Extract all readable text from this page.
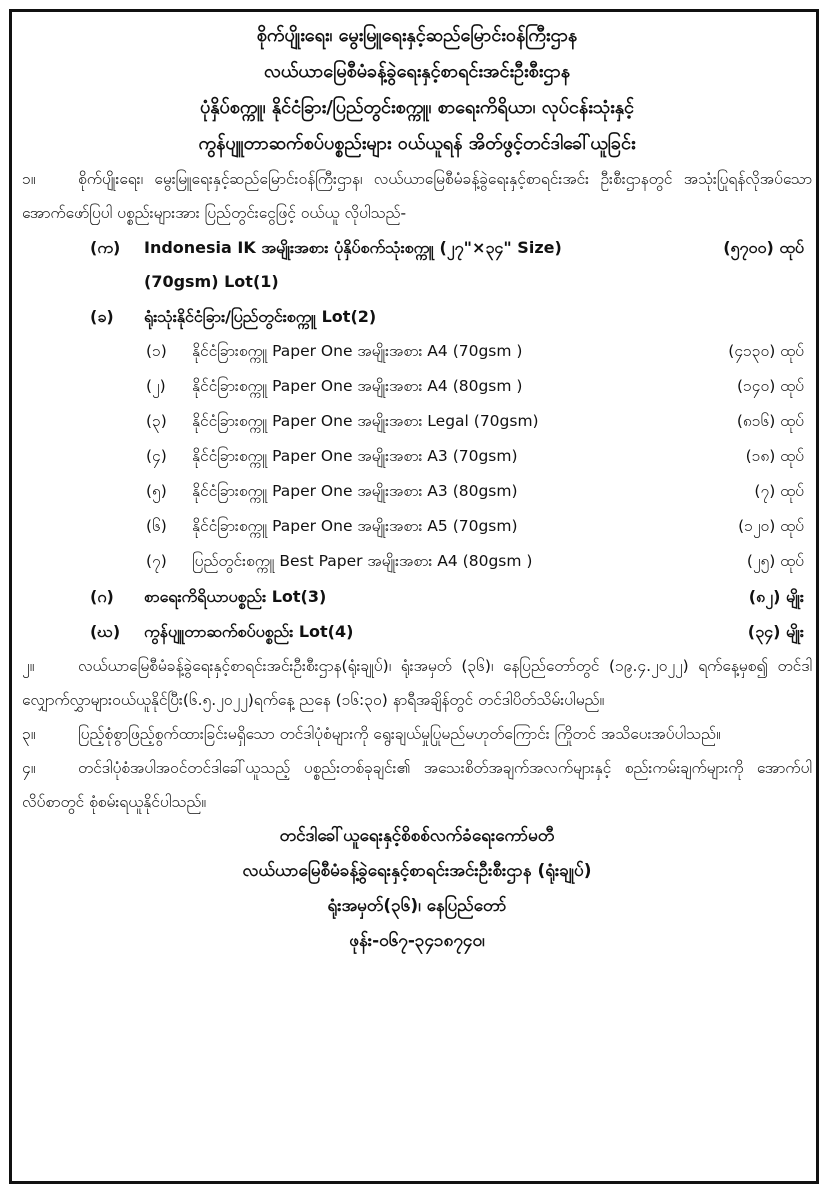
စိုက်ပျိုးရေး၊ မွေးမြူရေးနှင့်ဆည်မြောင်းဝန်ကြီးဌာန
လယ်ယာမြေစီမံခန့်ခွဲရေးနှင့်စာရင်းအင်းဦးစီးဌာန
ပုံနှိပ်စက္ကူ၊ နိုင်ငံခြား/ပြည်တွင်းစက္ကူ၊ စာရေးကိရိယာ၊ လုပ်ငန်းသုံးနှင့်
ကွန်ပျူတာဆက်စပ်ပစ္စည်းများ ဝယ်ယူရန် အိတ်ဖွင့်တင်ဒါခေါ်ယူခြင်း
၁။	စိုက်ပျိုးရေး၊ မွေးမြူရေးနှင့်ဆည်မြောင်းဝန်ကြီးဌာန၊ လယ်ယာမြေစီမံခန့်ခွဲရေးနှင့်စာရင်းအင်း ဦးစီးဌာနတွင် အသုံးပြုရန်လိုအပ်သော အောက်ဖော်ပြပါ ပစ္စည်းများအား ပြည်တွင်းငွေဖြင့် ဝယ်ယူ လိုပါသည်-
(က) Indonesia IK အမျိုးအစား ပုံနှိပ်စက်သုံးစက္ကူ (၂၇"×၃၄" Size)	(၅၇၀၀) ထုပ်
(70gsm) Lot(1)
(ခ) ရုံးသုံးနိုင်ငံခြား/ပြည်တွင်းစက္ကူ Lot(2)
(၁) နိုင်ငံခြားစက္ကူ Paper One အမျိုးအစား A4 (70gsm )	(၄၁၃၀) ထုပ်
(၂) နိုင်ငံခြားစက္ကူ Paper One အမျိုးအစား A4 (80gsm )	(၁၄၀) ထုပ်
(၃) နိုင်ငံခြားစက္ကူ Paper One အမျိုးအစား Legal (70gsm)	(၈၁၆) ထုပ်
(၄) နိုင်ငံခြားစက္ကူ Paper One အမျိုးအစား A3 (70gsm)	(၁၈) ထုပ်
(၅) နိုင်ငံခြားစက္ကူ Paper One အမျိုးအစား A3 (80gsm)	(၇) ထုပ်
(၆) နိုင်ငံခြားစက္ကူ Paper One အမျိုးအစား A5 (70gsm)	(၁၂၀) ထုပ်
(၇) ပြည်တွင်းစက္ကူ Best Paper အမျိုးအစား A4 (80gsm )	(၂၅) ထုပ်
(ဂ) စာရေးကိရိယာပစ္စည်း Lot(3)	(၈၂) မျိုး
(ဃ) ကွန်ပျူတာဆက်စပ်ပစ္စည်း Lot(4)	(၃၄) မျိုး
၂။	လယ်ယာမြေစီမံခန့်ခွဲရေးနှင့်စာရင်းအင်းဦးစီးဌာန(ရုံးချုပ်)၊ ရုံးအမှတ် (၃၆)၊ နေပြည်တော်တွင် (၁၉.၄.၂၀၂၂) ရက်နေ့မှစ၍ တင်ဒါလျှောက်လွှာများဝယ်ယူနိုင်ပြီး(၆.၅.၂၀၂၂)ရက်နေ့ ညနေ (၁၆:၃၀) နာရီအချိန်တွင် တင်ဒါပိတ်သိမ်းပါမည်။
၃။	ပြည့်စုံစွာဖြည့်စွက်ထားခြင်းမရှိသော တင်ဒါပုံစံများကို ရွေးချယ်မှုပြုမည်မဟုတ်ကြောင်း ကြိုတင် အသိပေးအပ်ပါသည်။
၄။	တင်ဒါပုံစံအပါအဝင်တင်ဒါခေါ်ယူသည့် ပစ္စည်းတစ်ခုချင်း၏ အသေးစိတ်အချက်အလက်များနှင့် စည်းကမ်းချက်များကို အောက်ပါလိပ်စာတွင် စုံစမ်းရယူနိုင်ပါသည်။
တင်ဒါခေါ်ယူရေးနှင့်စိစစ်လက်ခံရေးကော်မတီ
လယ်ယာမြေစီမံခန့်ခွဲရေးနှင့်စာရင်းအင်းဦးစီးဌာန (ရုံးချုပ်)
ရုံးအမှတ်(၃၆)၊ နေပြည်တော်
ဖုန်း-၀၆၇-၃၄၁၈၇၄၀၊
